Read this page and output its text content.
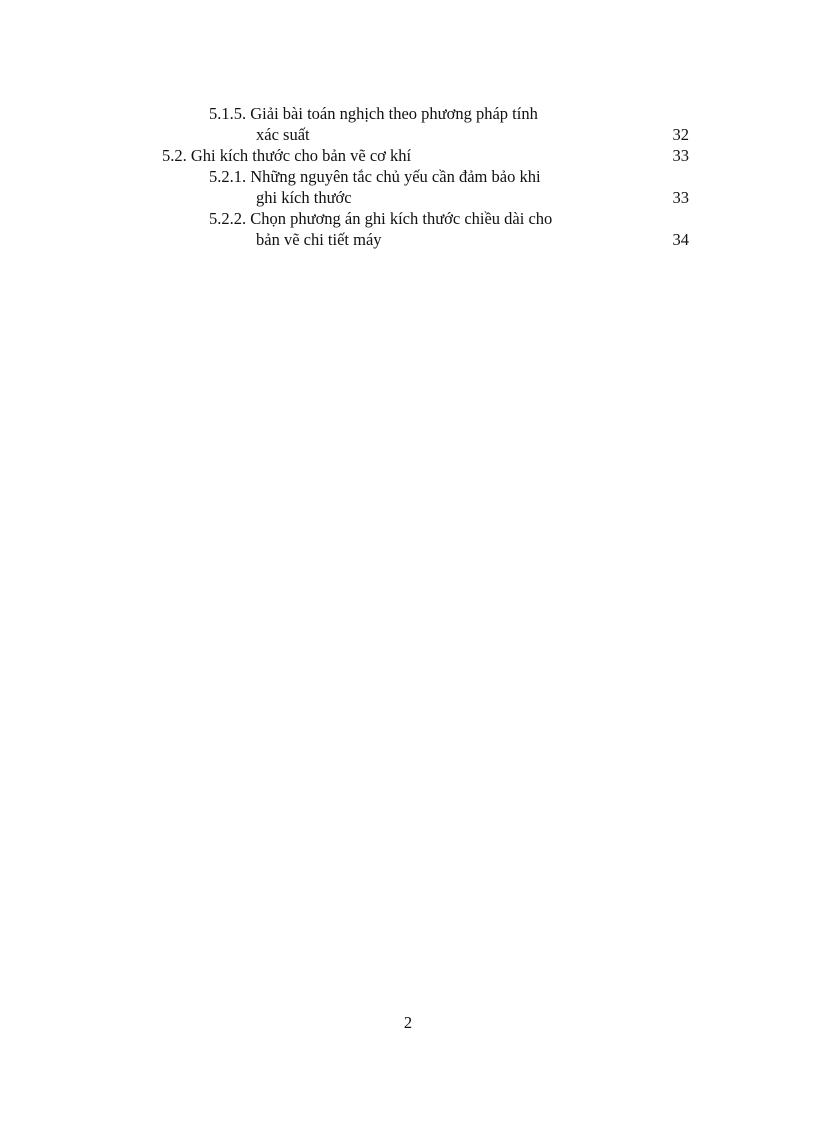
5.1.5. Giải bài toán nghịch theo phương pháp tính
xác suất	32
5.2. Ghi kích thước cho bản vẽ cơ khí	33
5.2.1. Những nguyên tắc chủ yếu cần đảm bảo khi
ghi kích thước	33
5.2.2. Chọn phương án ghi kích thước chiều dài cho
bản vẽ chi tiết máy	34
2
